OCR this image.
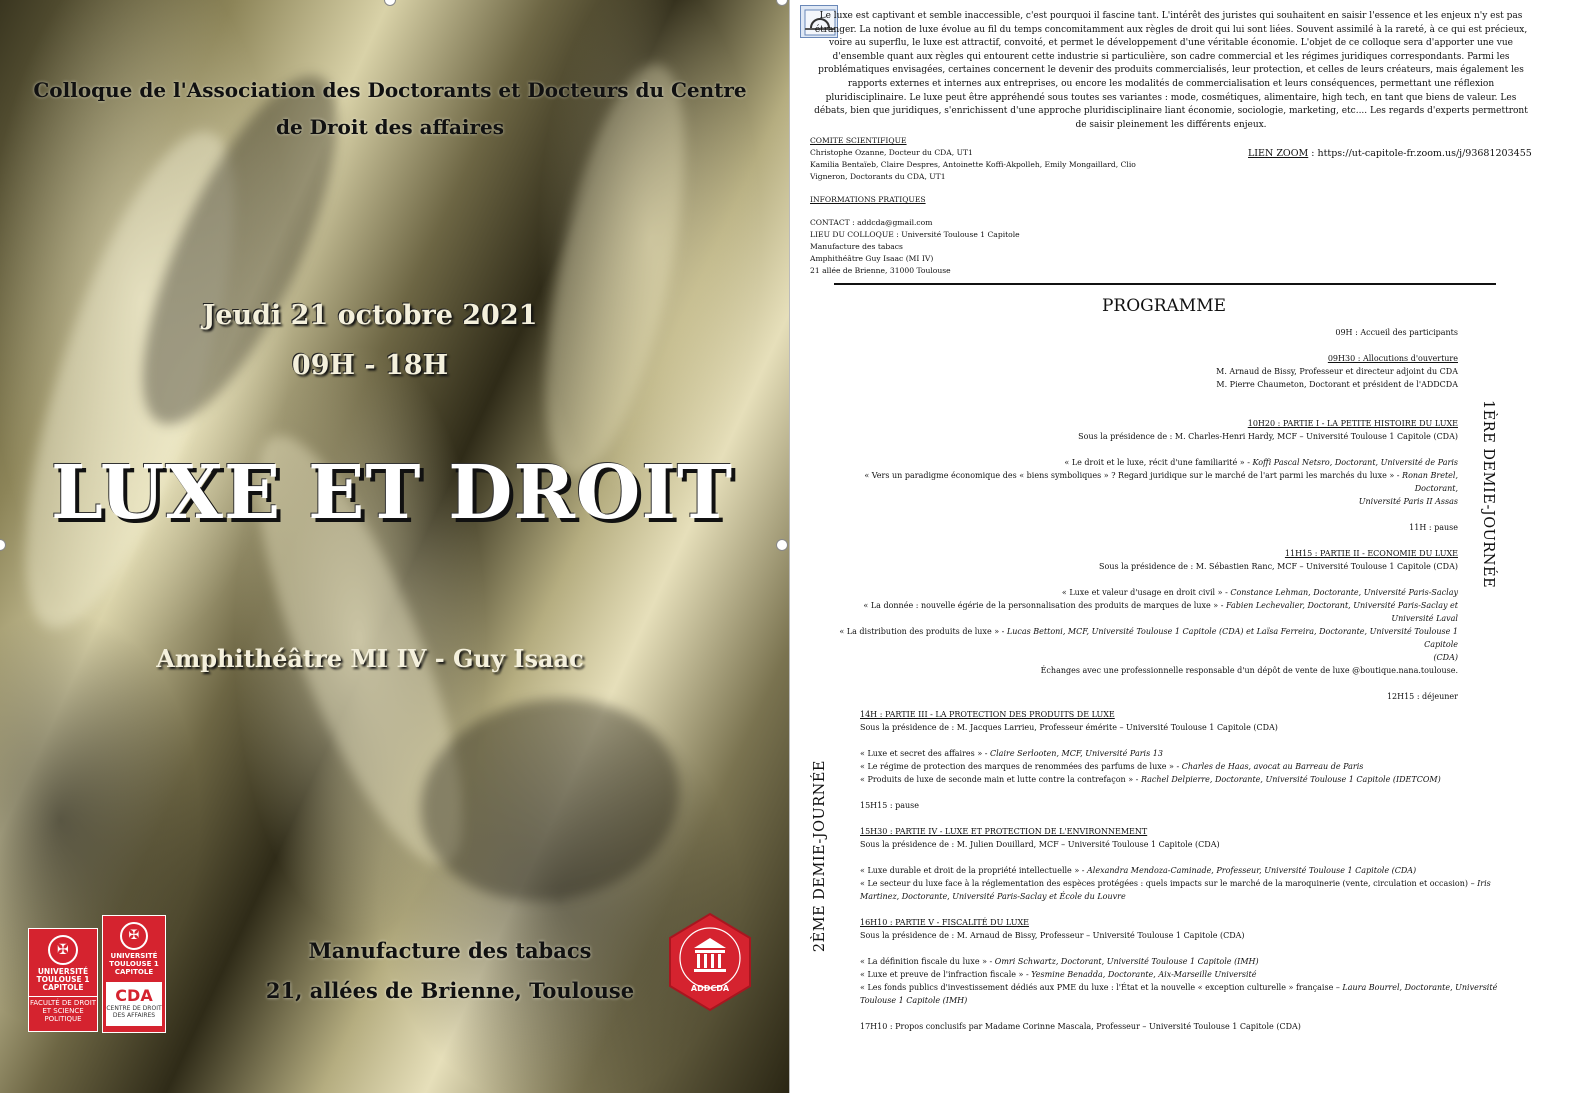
Colloque de l'Association des Doctorants et Docteurs du Centre de Droit des affaires
Jeudi 21 octobre 2021
09H - 18H
LUXE ET DROIT
Amphithéâtre MI IV - Guy Isaac
Manufacture des tabacs
21, allées de Brienne, Toulouse
✠
UNIVERSITÉ TOULOUSE 1 CAPITOLE
FACULTÉ DE DROIT ET SCIENCE POLITIQUE
✠
UNIVERSITÉ TOULOUSE 1 CAPITOLE
CDA
CENTRE DE DROIT DES AFFAIRES
ADDCDA
Le luxe est captivant et semble inaccessible, c'est pourquoi il fascine tant. L'intérêt des juristes qui souhaitent en saisir l'essence et les enjeux n'y est pas étranger. La notion de luxe évolue au fil du temps concomitamment aux règles de droit qui lui sont liées. Souvent assimilé à la rareté, à ce qui est précieux, voire au superflu, le luxe est attractif, convoité, et permet le développement d'une véritable économie. L'objet de ce colloque sera d'apporter une vue d'ensemble quant aux règles qui entourent cette industrie si particulière, son cadre commercial et les régimes juridiques correspondants. Parmi les problématiques envisagées, certaines concernent le devenir des produits commercialisés, leur protection, et celles de leurs créateurs, mais également les rapports externes et internes aux entreprises, ou encore les modalités de commercialisation et leurs conséquences, permettant une réflexion pluridisciplinaire. Le luxe peut être appréhendé sous toutes ses variantes : mode, cosmétiques, alimentaire, high tech, en tant que biens de valeur. Les débats, bien que juridiques, s'enrichissent d'une approche pluridisciplinaire liant économie, sociologie, marketing, etc.... Les regards d'experts permettront de saisir pleinement les différents enjeux.
COMITE SCIENTIFIQUE
Christophe Ozanne, Docteur du CDA, UT1
Kamilia Bentaïeb, Claire Despres, Antoinette Koffi-Akpolleh, Emily Mongaillard, Clio
Vigneron, Doctorants du CDA, UT1
LIEN ZOOM : https://ut-capitole-fr.zoom.us/j/93681203455
INFORMATIONS PRATIQUES
CONTACT : addcda@gmail.com
LIEU DU COLLOQUE : Université Toulouse 1 Capitole
Manufacture des tabacs
Amphithéâtre Guy Isaac (MI IV)
21 allée de Brienne, 31000 Toulouse
PROGRAMME

09H : Accueil des participants

09H30 : Allocutions d'ouverture

M. Arnaud de Bissy, Professeur et directeur adjoint du CDA

M. Pierre Chaumeton, Doctorant et président de l'ADDCDA

10H20 : PARTIE I - LA PETITE HISTOIRE DU LUXE

Sous la présidence de : M. Charles-Henri Hardy, MCF – Université Toulouse 1 Capitole (CDA)

« Le droit et le luxe, récit d'une familiarité » - Koffi Pascal Netsro, Doctorant, Université de Paris

« Vers un paradigme économique des « biens symboliques » ? Regard juridique sur le marché de l'art parmi les marchés du luxe » - Ronan Bretel, Doctorant,

Université Paris II Assas

11H : pause

11H15 : PARTIE II - ECONOMIE DU LUXE

Sous la présidence de : M. Sébastien Ranc, MCF – Université Toulouse 1 Capitole (CDA)

« Luxe et valeur d'usage en droit civil » - Constance Lehman, Doctorante, Université Paris-Saclay

« La donnée : nouvelle égérie de la personnalisation des produits de marques de luxe » - Fabien Lechevalier, Doctorant, Université Paris-Saclay et Université Laval

« La distribution des produits de luxe » - Lucas Bettoni, MCF, Université Toulouse 1 Capitole (CDA) et Laïsa Ferreira, Doctorante, Université Toulouse 1 Capitole

(CDA)

Échanges avec une professionnelle responsable d'un dépôt de vente de luxe @boutique.nana.toulouse.

12H15 : déjeuner

1ÈRE DEMIE-JOURNÉE

14H : PARTIE III - LA PROTECTION DES PRODUITS DE LUXE

Sous la présidence de : M. Jacques Larrieu, Professeur émérite – Université Toulouse 1 Capitole (CDA)

« Luxe et secret des affaires » - Claire Serlooten, MCF, Université Paris 13

« Le régime de protection des marques de renommées des parfums de luxe » - Charles de Haas, avocat au Barreau de Paris

« Produits de luxe de seconde main et lutte contre la contrefaçon » - Rachel Delpierre, Doctorante, Université Toulouse 1 Capitole (IDETCOM)

15H15 : pause

15H30 : PARTIE IV - LUXE ET PROTECTION DE L'ENVIRONNEMENT

Sous la présidence de : M. Julien Douillard, MCF – Université Toulouse 1 Capitole (CDA)

« Luxe durable et droit de la propriété intellectuelle » - Alexandra Mendoza-Caminade, Professeur, Université Toulouse 1 Capitole (CDA)

« Le secteur du luxe face à la réglementation des espèces protégées : quels impacts sur le marché de la maroquinerie (vente, circulation et occasion) – Iris Martinez, Doctorante, Université Paris-Saclay et École du Louvre

16H10 : PARTIE V - FISCALITÉ DU LUXE

Sous la présidence de : M. Arnaud de Bissy, Professeur – Université Toulouse 1 Capitole (CDA)

« La définition fiscale du luxe » - Omri Schwartz, Doctorant, Université Toulouse 1 Capitole (IMH)

« Luxe et preuve de l'infraction fiscale » - Yesmine Benadda, Doctorante, Aix-Marseille Université

« Les fonds publics d'investissement dédiés aux PME du luxe : l'État et la nouvelle « exception culturelle » française – Laura Bourrel, Doctorante, Université Toulouse 1 Capitole (IMH)

17H10 : Propos conclusifs par Madame Corinne Mascala, Professeur – Université Toulouse 1 Capitole (CDA)

2ÈME DEMIE-JOURNÉE
